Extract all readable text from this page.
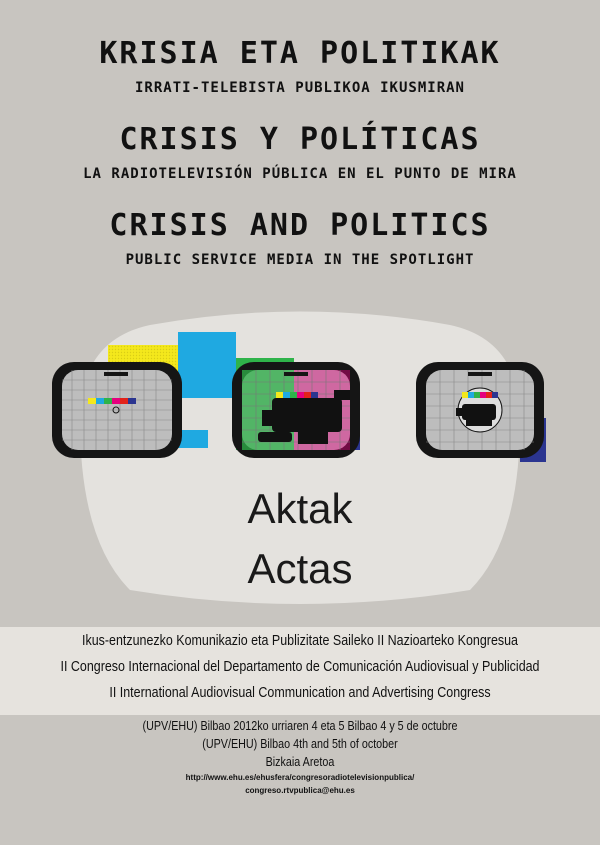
KRISIA ETA POLITIKAK
IRRATI-TELEBISTA PUBLIKOA IKUSMIRAN
CRISIS Y POLÍTICAS
LA RADIOTELEVISIÓN PÚBLICA EN EL PUNTO DE MIRA
CRISIS AND POLITICS
PUBLIC SERVICE MEDIA IN THE SPOTLIGHT
Aktak
Actas
Ikus-entzunezko Komunikazio eta Publizitate Saileko II Nazioarteko Kongresua
II Congreso Internacional del Departamento de Comunicación Audiovisual y Publicidad
II International Audiovisual Communication and Advertising Congress
(UPV/EHU) Bilbao 2012ko urriaren 4 eta 5 Bilbao 4 y 5 de octubre
(UPV/EHU) Bilbao 4th and 5th of october
Bizkaia Aretoa
http://www.ehu.es/ehusfera/congresoradiotelevisionpublica/
congreso.rtvpublica@ehu.es
